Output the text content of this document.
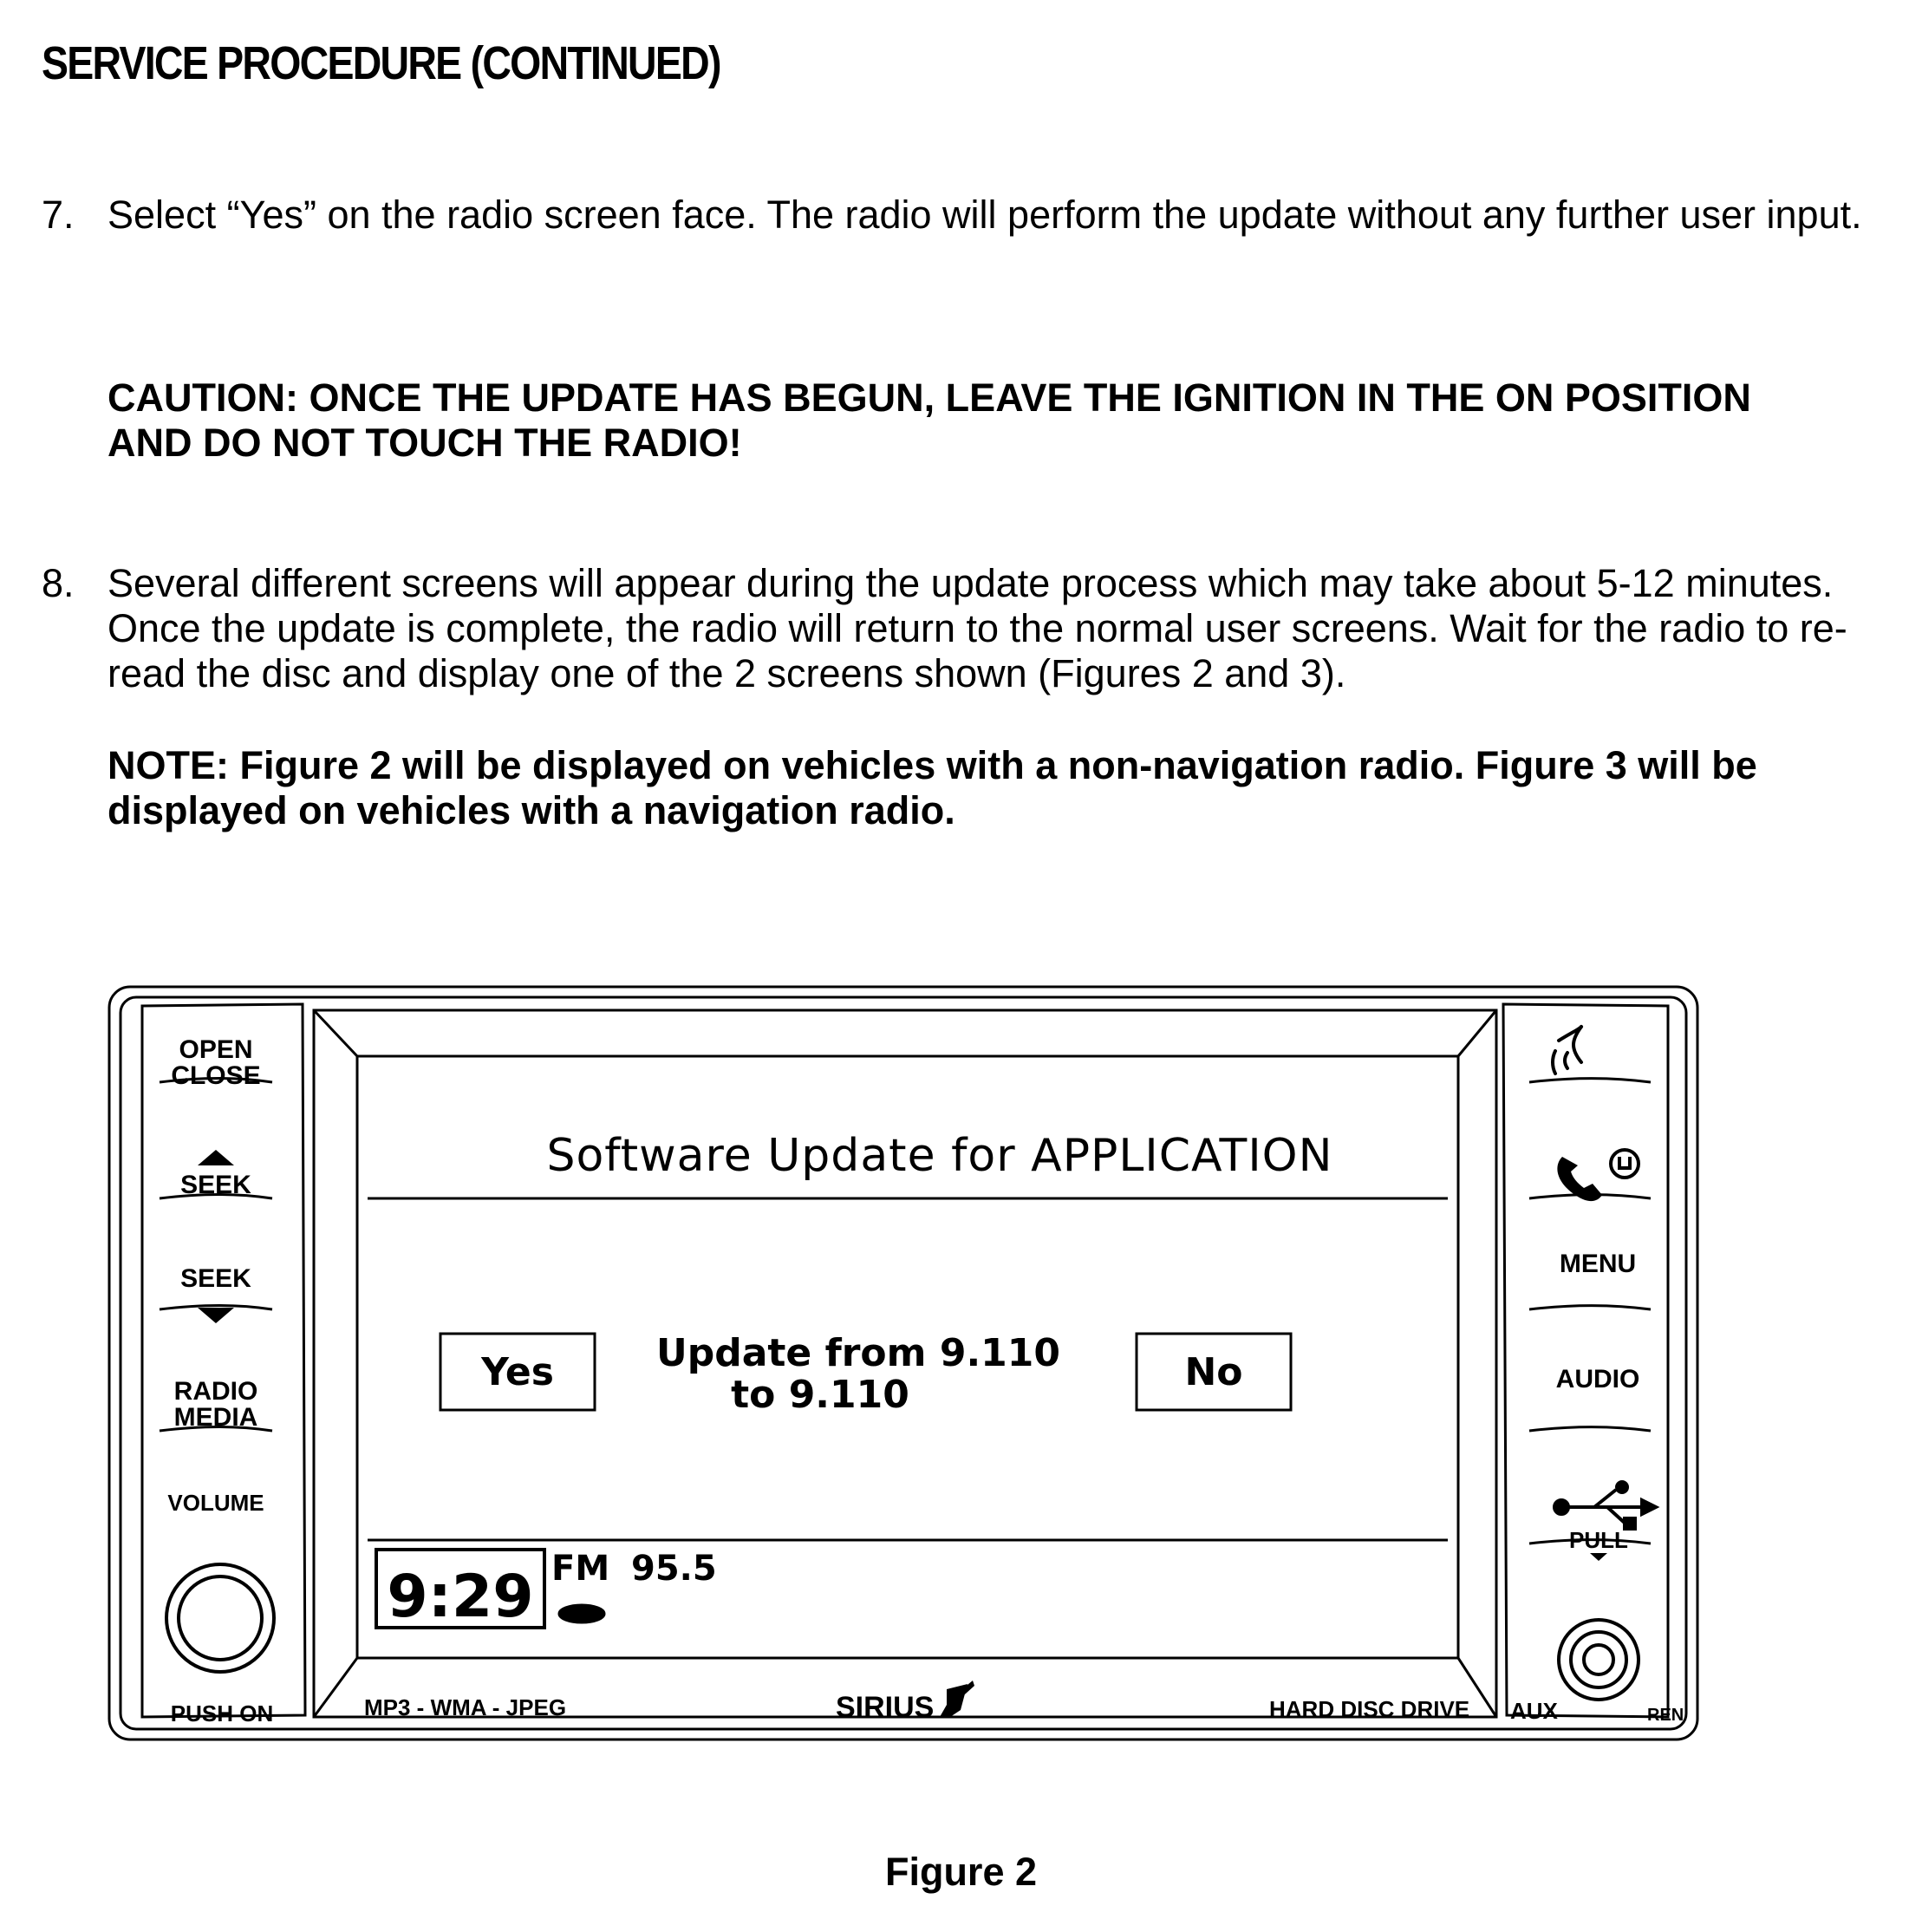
SERVICE PROCEDURE (CONTINUED)
7. Select “Yes” on the radio screen face. The radio will perform the update without any further user input.
CAUTION: ONCE THE UPDATE HAS BEGUN, LEAVE THE IGNITION IN THE ON POSITION
AND DO NOT TOUCH THE RADIO!
8. Several different screens will appear during the update process which may take about 5-12 minutes. Once the update is complete, the radio will return to the normal user screens. Wait for the radio to re-read the disc and display one of the 2 screens shown (Figures 2 and 3).
NOTE: Figure 2 will be displayed on vehicles with a non-navigation radio. Figure 3 will be
displayed on vehicles with a navigation radio.
OPEN
CLOSE
SEEK
SEEK
RADIO
MEDIA
VOLUME
PUSH ON
MENU
AUDIO
PULL
AUX	REN
Software Update for APPLICATION
Yes	No
Update from 9.110
to 9.110
9:29 FM 95.5
MP3 - WMA - JPEG	SIRIUS	HARD DISC DRIVE
Figure 2
